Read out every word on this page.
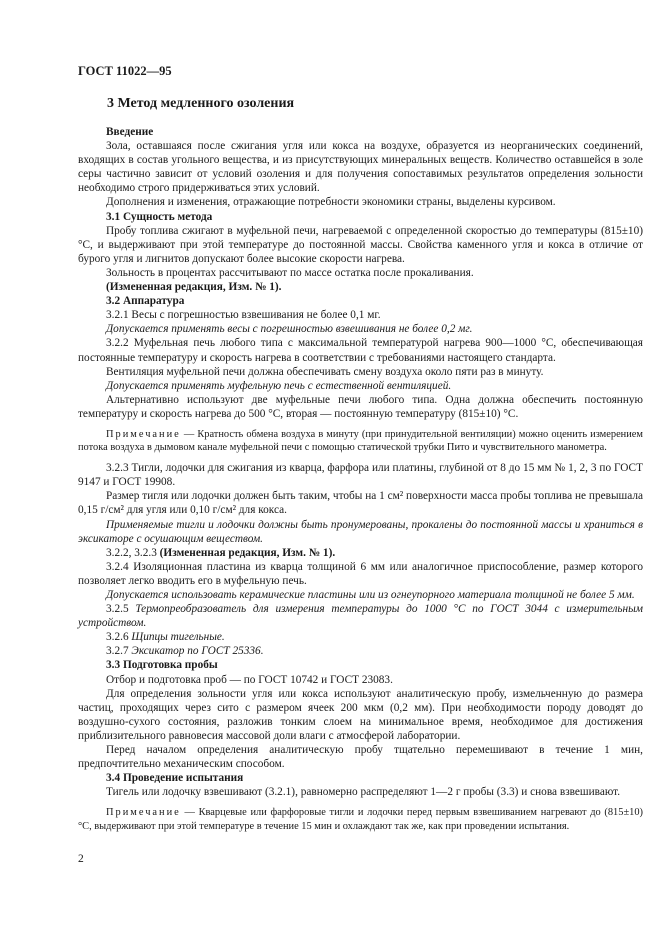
ГОСТ 11022—95
3 Метод медленного озоления

Введение

Зола, оставшаяся после сжигания угля или кокса на воздухе, образуется из неорганических соединений, входящих в состав угольного вещества, и из присутствующих минеральных веществ. Количество оставшейся в золе серы частично зависит от условий озоления и для получения сопоставимых результатов определения зольности необходимо строго придерживаться этих условий.

Дополнения и изменения, отражающие потребности экономики страны, выделены курсивом.

3.1 Сущность метода

Пробу топлива сжигают в муфельной печи, нагреваемой с определенной скоростью до температуры (815±10) °С, и выдерживают при этой температуре до постоянной массы. Свойства каменного угля и кокса в отличие от бурого угля и лигнитов допускают более высокие скорости нагрева.

Зольность в процентах рассчитывают по массе остатка после прокаливания.

(Измененная редакция, Изм. № 1).

3.2 Аппаратура

3.2.1 Весы с погрешностью взвешивания не более 0,1 мг.

Допускается применять весы с погрешностью взвешивания не более 0,2 мг.

3.2.2 Муфельная печь любого типа с максимальной температурой нагрева 900—1000 °С, обеспечивающая постоянные температуру и скорость нагрева в соответствии с требованиями настоящего стандарта.

Вентиляция муфельной печи должна обеспечивать смену воздуха около пяти раз в минуту.

Допускается применять муфельную печь с естественной вентиляцией.

Альтернативно используют две муфельные печи любого типа. Одна должна обеспечить постоянную температуру и скорость нагрева до 500 °С, вторая — постоянную температуру (815±10) °С.

Примечание — Кратность обмена воздуха в минуту (при принудительной вентиляции) можно оценить измерением потока воздуха в дымовом канале муфельной печи с помощью статической трубки Пито и чувствительного манометра.

3.2.3 Тигли, лодочки для сжигания из кварца, фарфора или платины, глубиной от 8 до 15 мм № 1, 2, 3 по ГОСТ 9147 и ГОСТ 19908.

Размер тигля или лодочки должен быть таким, чтобы на 1 см² поверхности масса пробы топлива не превышала 0,15 г/см² для угля или 0,10 г/см² для кокса.

Применяемые тигли и лодочки должны быть пронумерованы, прокалены до постоянной массы и храниться в эксикаторе с осушающим веществом.

3.2.2, 3.2.3 (Измененная редакция, Изм. № 1).

3.2.4 Изоляционная пластина из кварца толщиной 6 мм или аналогичное приспособление, размер которого позволяет легко вводить его в муфельную печь.

Допускается использовать керамические пластины или из огнеупорного материала толщиной не более 5 мм.

3.2.5 Термопреобразователь для измерения температуры до 1000 °С по ГОСТ 3044 с измерительным устройством.

3.2.6 Щипцы тигельные.

3.2.7 Эксикатор по ГОСТ 25336.

3.3 Подготовка пробы

Отбор и подготовка проб — по ГОСТ 10742 и ГОСТ 23083.

Для определения зольности угля или кокса используют аналитическую пробу, измельченную до размера частиц, проходящих через сито с размером ячеек 200 мкм (0,2 мм). При необходимости породу доводят до воздушно-сухого состояния, разложив тонким слоем на минимальное время, необходимое для достижения приблизительного равновесия массовой доли влаги с атмосферой лаборатории.

Перед началом определения аналитическую пробу тщательно перемешивают в течение 1 мин, предпочтительно механическим способом.

3.4 Проведение испытания

Тигель или лодочку взвешивают (3.2.1), равномерно распределяют 1—2 г пробы (3.3) и снова взвешивают.

Примечание — Кварцевые или фарфоровые тигли и лодочки перед первым взвешиванием нагревают до (815±10) °С, выдерживают при этой температуре в течение 15 мин и охлаждают так же, как при проведении испытания.

2
